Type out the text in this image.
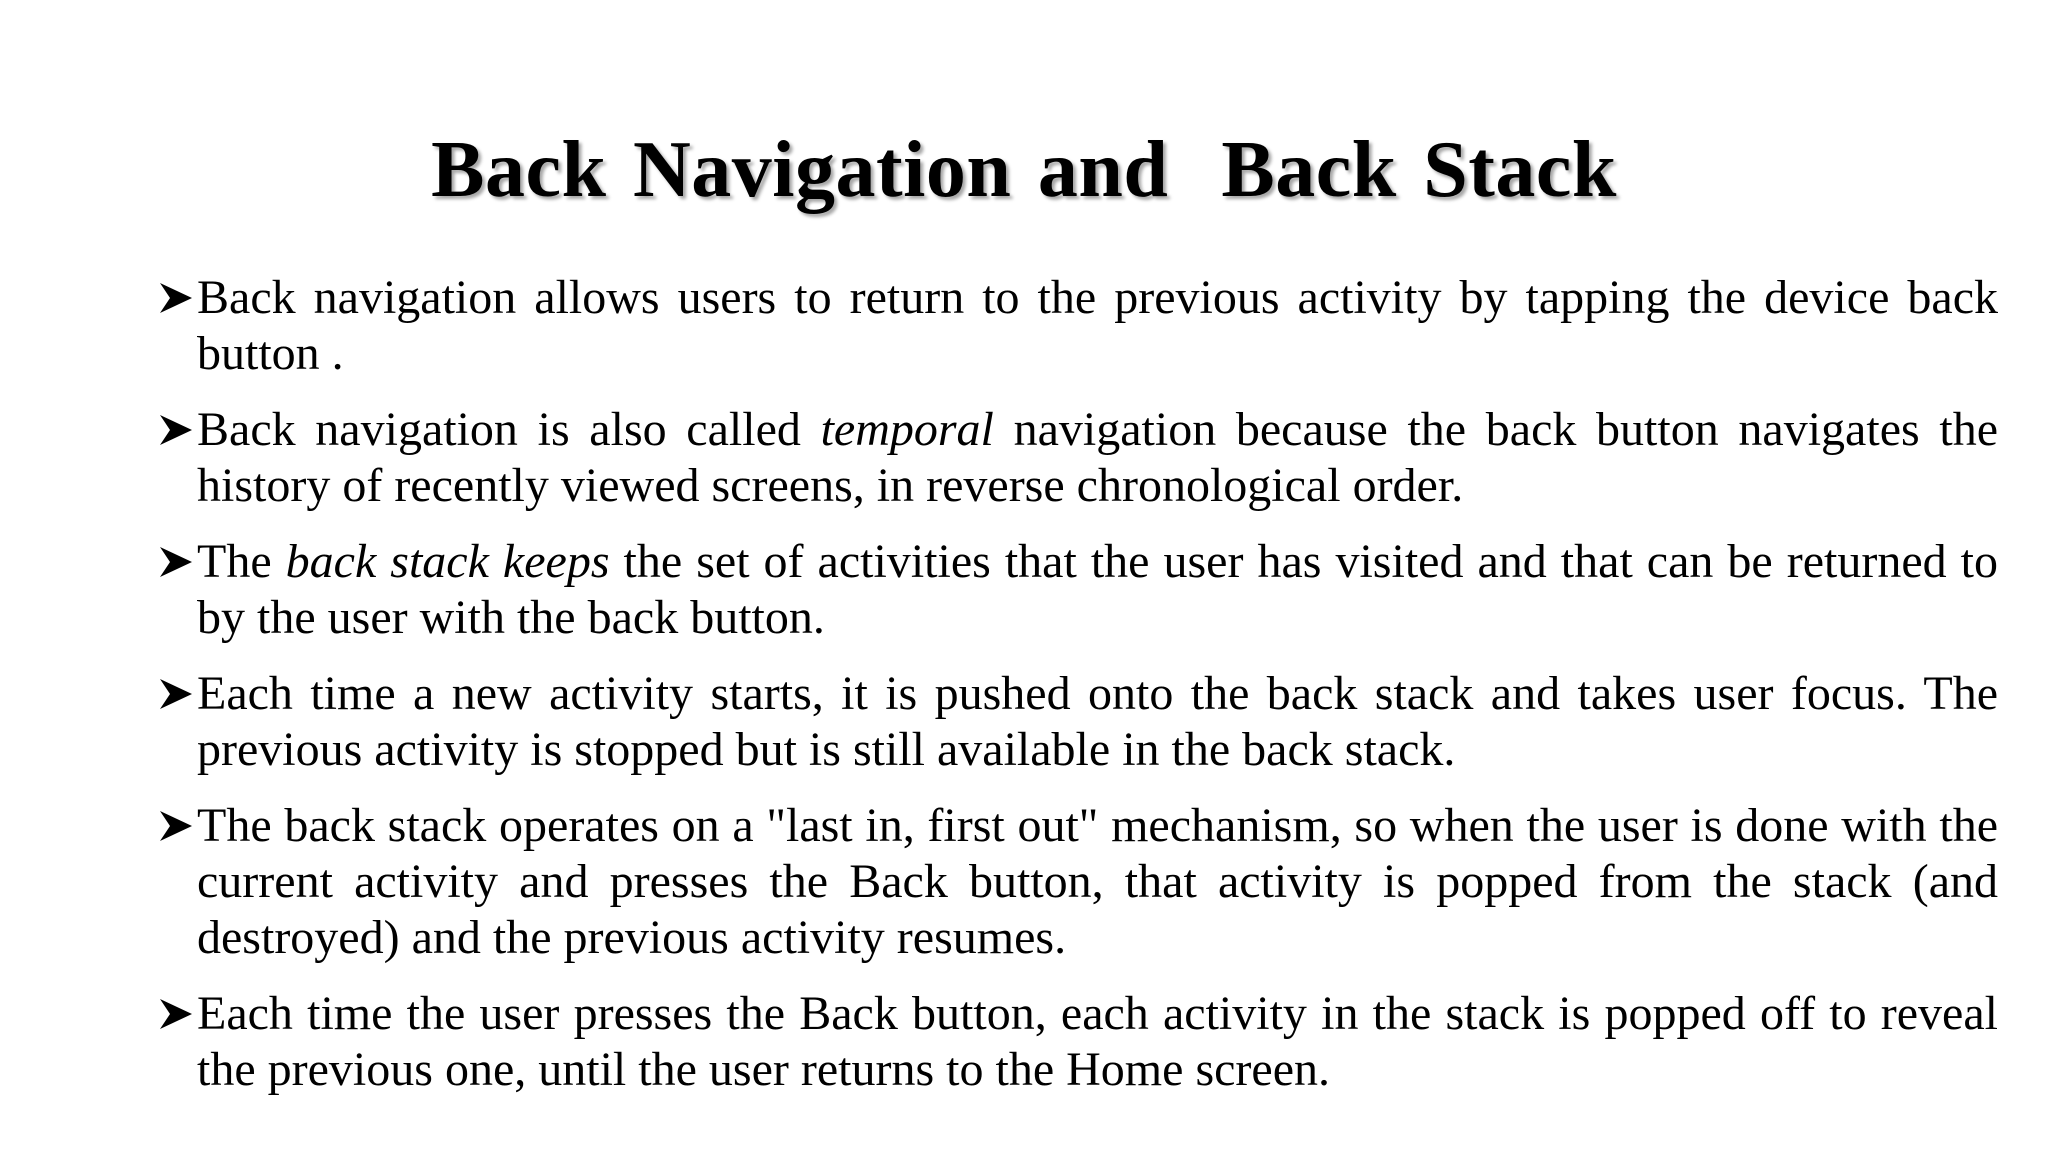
Back Navigation and  Back Stack
Back navigation allows users to return to the previous activity by tapping the device back button .
Back navigation is also called temporal navigation because the back button navigates the history of recently viewed screens, in reverse chronological order.
The back stack keeps the set of activities that the user has visited and that can be returned to by the user with the back button.
Each time a new activity starts, it is pushed onto the back stack and takes user focus. The previous activity is stopped but is still available in the back stack.
The back stack operates on a "last in, first out" mechanism, so when the user is done with the current activity and presses the Back button, that activity is popped from the stack (and destroyed) and the previous activity resumes.
Each time the user presses the Back button, each activity in the stack is popped off to reveal the previous one, until the user returns to the Home screen.
